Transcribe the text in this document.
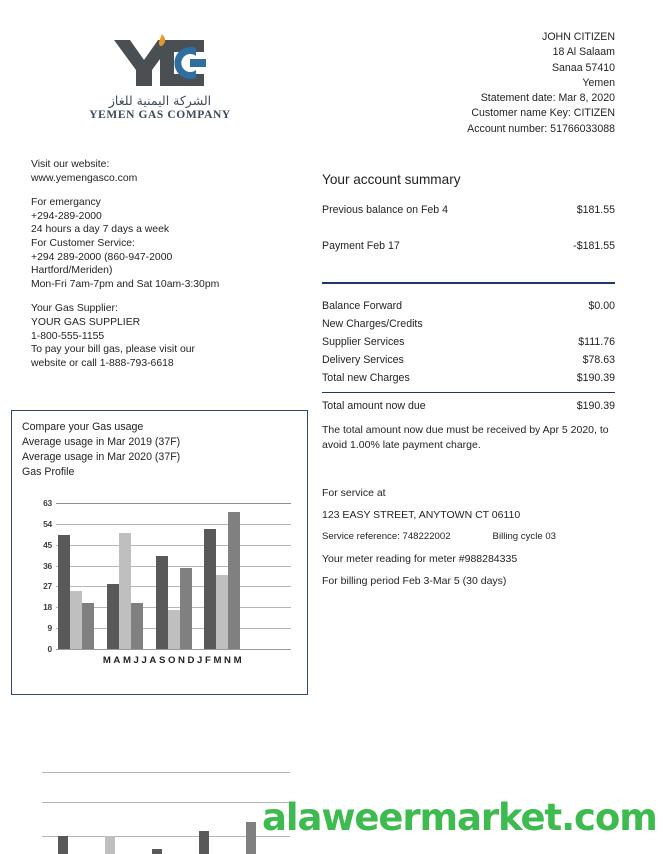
الشركة اليمنية للغاز
YEMEN GAS COMPANY
JOHN CITIZEN
18 Al Salaam
Sanaa 57410
Yemen
Statement date: Mar 8, 2020
Customer name Key: CITIZEN
Account number: 51766033088
Visit our website:
www.yemengasco.com
For emergancy
+294-289-2000
24 hours a day 7 days a week
For Customer Service:
+294 289-2000 (860-947-2000
Hartford/Meriden)
Mon-Fri 7am-7pm and Sat 10am-3:30pm
Your Gas Supplier:
YOUR GAS SUPPLIER
1-800-555-1155
To pay your bill gas, please visit our
website or call 1-888-793-6618
Your account summary
Previous balance on Feb 4	$181.55
Payment Feb 17	-$181.55
Balance Forward	$0.00
New Charges/Credits
Supplier Services	$111.76
Delivery Services	$78.63
Total new Charges	$190.39
Total amount now due	$190.39
The total amount now due must be received by Apr 5 2020, to avoid 1.00% late payment charge.
For service at
123 EASY STREET, ANYTOWN CT 06110
Service reference: 748222002	Billing cycle 03
Your meter reading for meter #988284335
For billing period Feb 3-Mar 5 (30 days)
Compare your Gas usage
Average usage in Mar 2019 (37F)
Average usage in Mar 2020 (37F)
Gas Profile
0
9
18
27
36
45
54
63
MAMJJASONDJFMNM
alaweermarket.com
